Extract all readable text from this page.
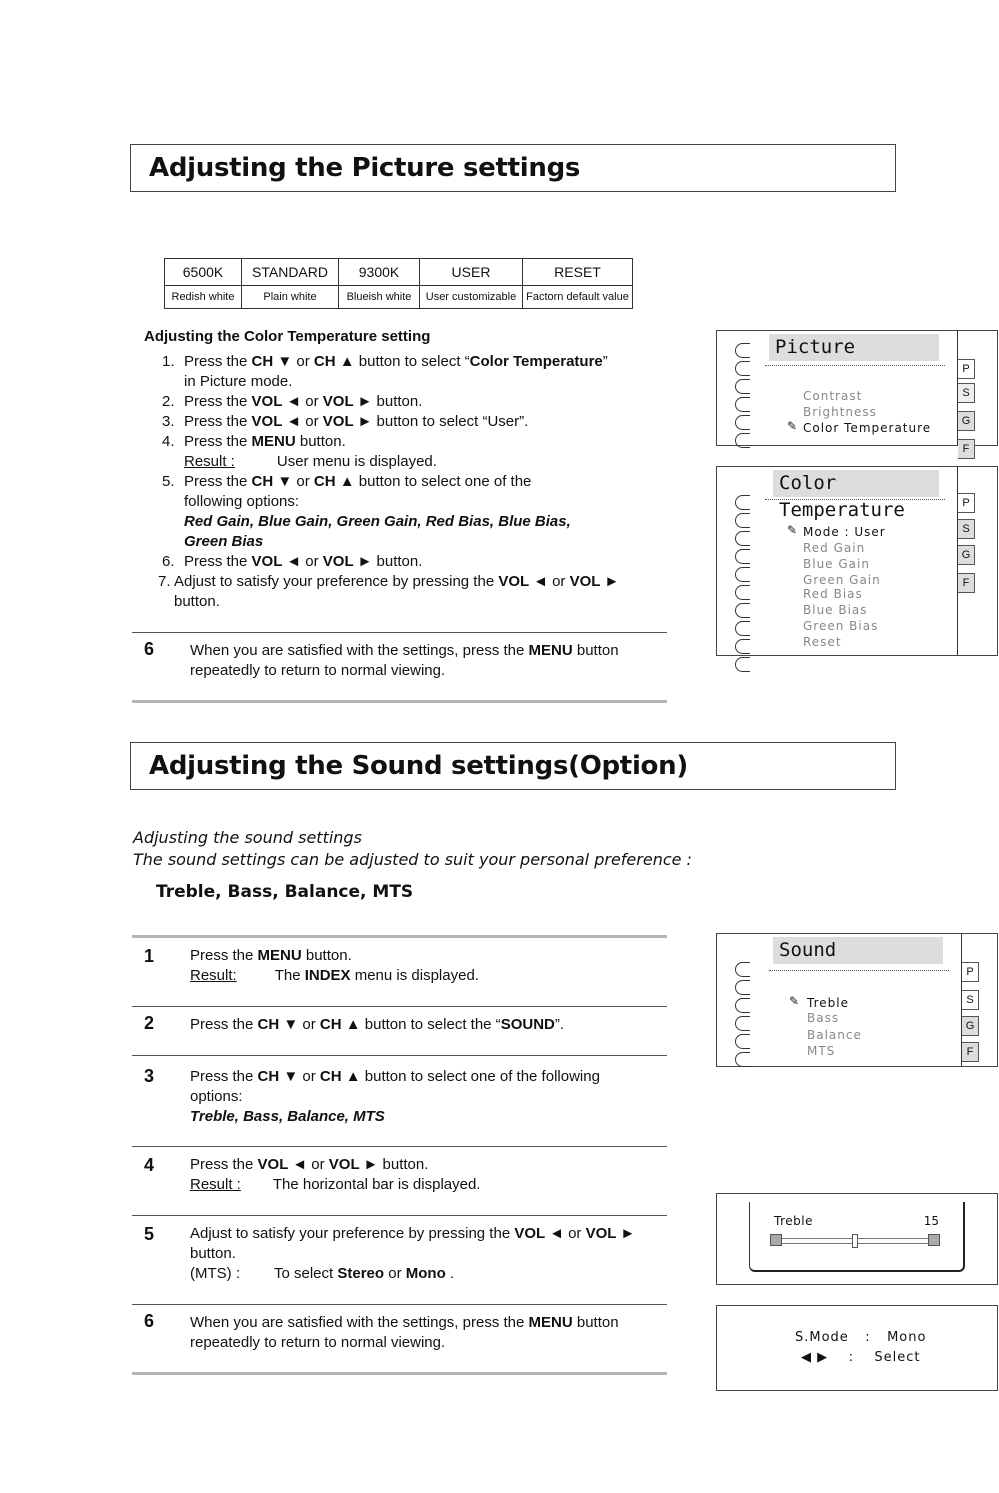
Adjusting the Picture settings
6500K	STANDARD	9300K	USER	RESET
Redish white	Plain white	Blueish white	User customizable	Factorn default value
Adjusting the Color Temperature setting
1. Press the CH ▼ or CH ▲ button to select “Color Temperature”
in Picture mode.
2. Press the VOL ◄ or VOL ► button.
3. Press the VOL ◄ or VOL ► button to select “User”.
4. Press the MENU button.
Result :	User menu is displayed.
5. Press the CH ▼ or CH ▲ button to select one of the
following options:
Red Gain, Blue Gain, Green Gain, Red Bias, Blue Bias,
Green Bias
6. Press the VOL ◄ or VOL ► button.
7. Adjust to satisfy your preference by pressing the VOL ◄ or VOL ►
button.
6 When you are satisfied with the settings, press the MENU button
repeatedly to return to normal viewing.
Picture
Contrast
Brightness
✎ Color Temperature
P
S
G
F
Color Temperature
✎ Mode : User
Red Gain
Blue Gain
Green Gain
Red Bias
Blue Bias
Green Bias
Reset
P
S
G
F
Adjusting the Sound settings(Option)
Adjusting the sound settings
The sound settings can be adjusted to suit your personal preference :
Treble, Bass, Balance, MTS
1 Press the MENU button.
Result:	The INDEX menu is displayed.
2 Press the CH ▼ or CH ▲ button to select the “SOUND”.
3 Press the CH ▼ or CH ▲ button to select one of the following
options:
Treble, Bass, Balance, MTS
4 Press the VOL ◄ or VOL ► button.
Result : The horizontal bar is displayed.
5 Adjust to satisfy your preference by pressing the VOL ◄ or VOL ►
button.
(MTS) : To select Stereo or Mono .
6 When you are satisfied with the settings, press the MENU button
repeatedly to return to normal viewing.
Sound
✎ Treble
Bass
Balance
MTS
P
S
G
F
Treble	15
S.Mode : Mono
◀ ▶ : Select
